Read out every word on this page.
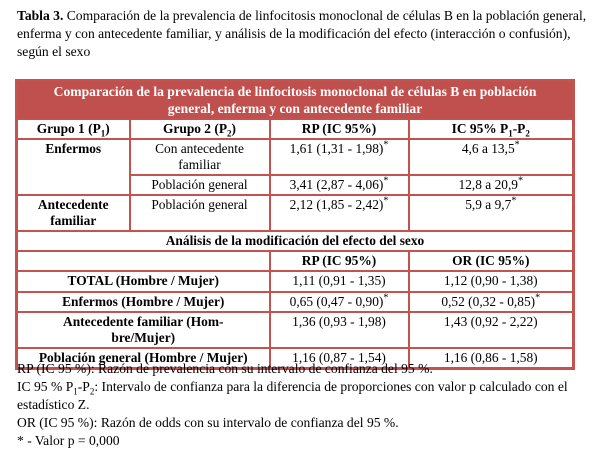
Tabla 3. Comparación de la prevalencia de linfocitosis monoclonal de células B en la población general, enferma y con antecedente familiar, y análisis de la modificación del efecto (interacción o confusión), según el sexo
Comparación de la prevalencia de linfocitosis monoclonal de células B en población
general, enferma y con antecedente familiar			
Grupo 1 $(P_1)$	Grupo 2 $(P_2)$	RP (IC 95%)	IC 95% $P_1-P_2$
Enfermos	Con antecedente familiar	1,61 (1,31 - 1,98)*	4,6 a 13,5*
	Población general	3,41 (2,87 - 4,06)*	12,8 a 20,9*
Antecedente familiar	Población general	2,12 (1,85 - 2,42)*	5,9 a 9,7*
Análisis de la modificación del efecto del sexo			
		RP (IC 95%)	OR (IC 95%)
TOTAL (Hombre / Mujer)		1,11 (0,91 - 1,35)	1,12 (0,90 - 1,38)
Enfermos (Hombre / Mujer)		0,65 (0,47 - 0,90)*	0,52 (0,32 - 0,85)*
Antecedente familiar (Hom-
bre/Mujer)		1,36 (0,93 - 1,98)	1,43 (0,92 - 2,22)
Población general (Hombre / Mujer)		1,16 (0,87 - 1,54)	1,16 (0,86 - 1,58)
RP (IC 95 %): Razón de prevalencia con su intervalo de confianza del 95 %.
IC 95 % $P_1-P_2$: Intervalo de confianza para la diferencia de proporciones con valor p calculado con el estadístico Z.
OR (IC 95 %): Razón de odds con su intervalo de confianza del 95 %.
* - Valor p = 0,000
